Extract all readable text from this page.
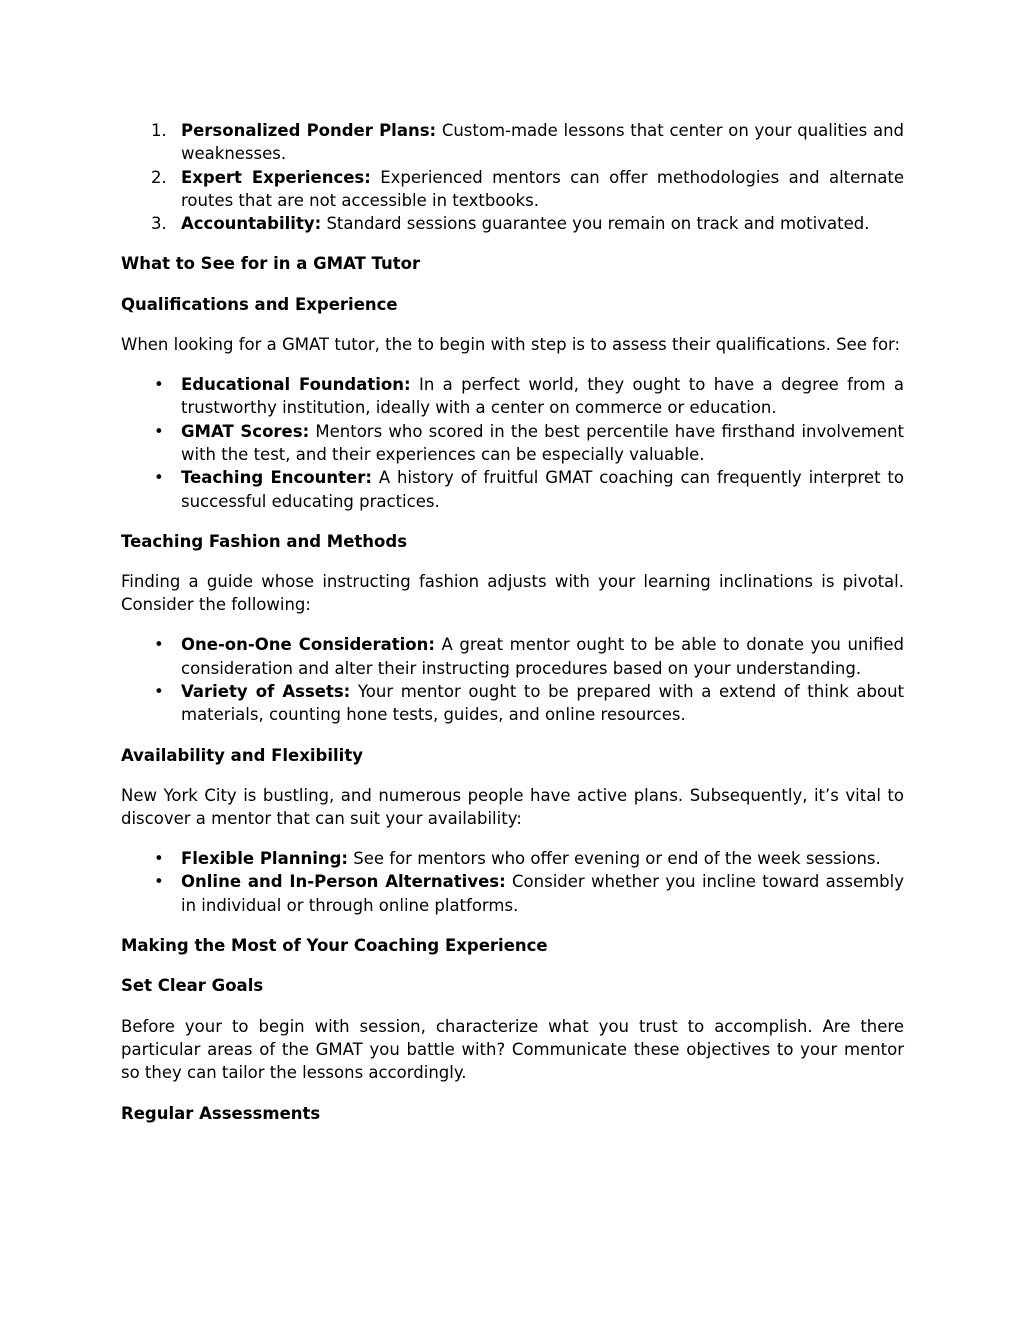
1. Personalized Ponder Plans: Custom-made lessons that center on your qualities and weaknesses.
2. Expert Experiences: Experienced mentors can offer methodologies and alternate routes that are not accessible in textbooks.
3. Accountability: Standard sessions guarantee you remain on track and motivated.

What to See for in a GMAT Tutor

Qualifications and Experience

When looking for a GMAT tutor, the to begin with step is to assess their qualifications. See for:

• Educational Foundation: In a perfect world, they ought to have a degree from a trustworthy institution, ideally with a center on commerce or education.
• GMAT Scores: Mentors who scored in the best percentile have firsthand involvement with the test, and their experiences can be especially valuable.
• Teaching Encounter: A history of fruitful GMAT coaching can frequently interpret to successful educating practices.

Teaching Fashion and Methods

Finding a guide whose instructing fashion adjusts with your learning inclinations is pivotal. Consider the following:

• One-on-One Consideration: A great mentor ought to be able to donate you unified consideration and alter their instructing procedures based on your understanding.
• Variety of Assets: Your mentor ought to be prepared with a extend of think about materials, counting hone tests, guides, and online resources.

Availability and Flexibility

New York City is bustling, and numerous people have active plans. Subsequently, it’s vital to discover a mentor that can suit your availability:

• Flexible Planning: See for mentors who offer evening or end of the week sessions.
• Online and In-Person Alternatives: Consider whether you incline toward assembly in individual or through online platforms.

Making the Most of Your Coaching Experience

Set Clear Goals

Before your to begin with session, characterize what you trust to accomplish. Are there particular areas of the GMAT you battle with? Communicate these objectives to your mentor so they can tailor the lessons accordingly.

Regular Assessments
